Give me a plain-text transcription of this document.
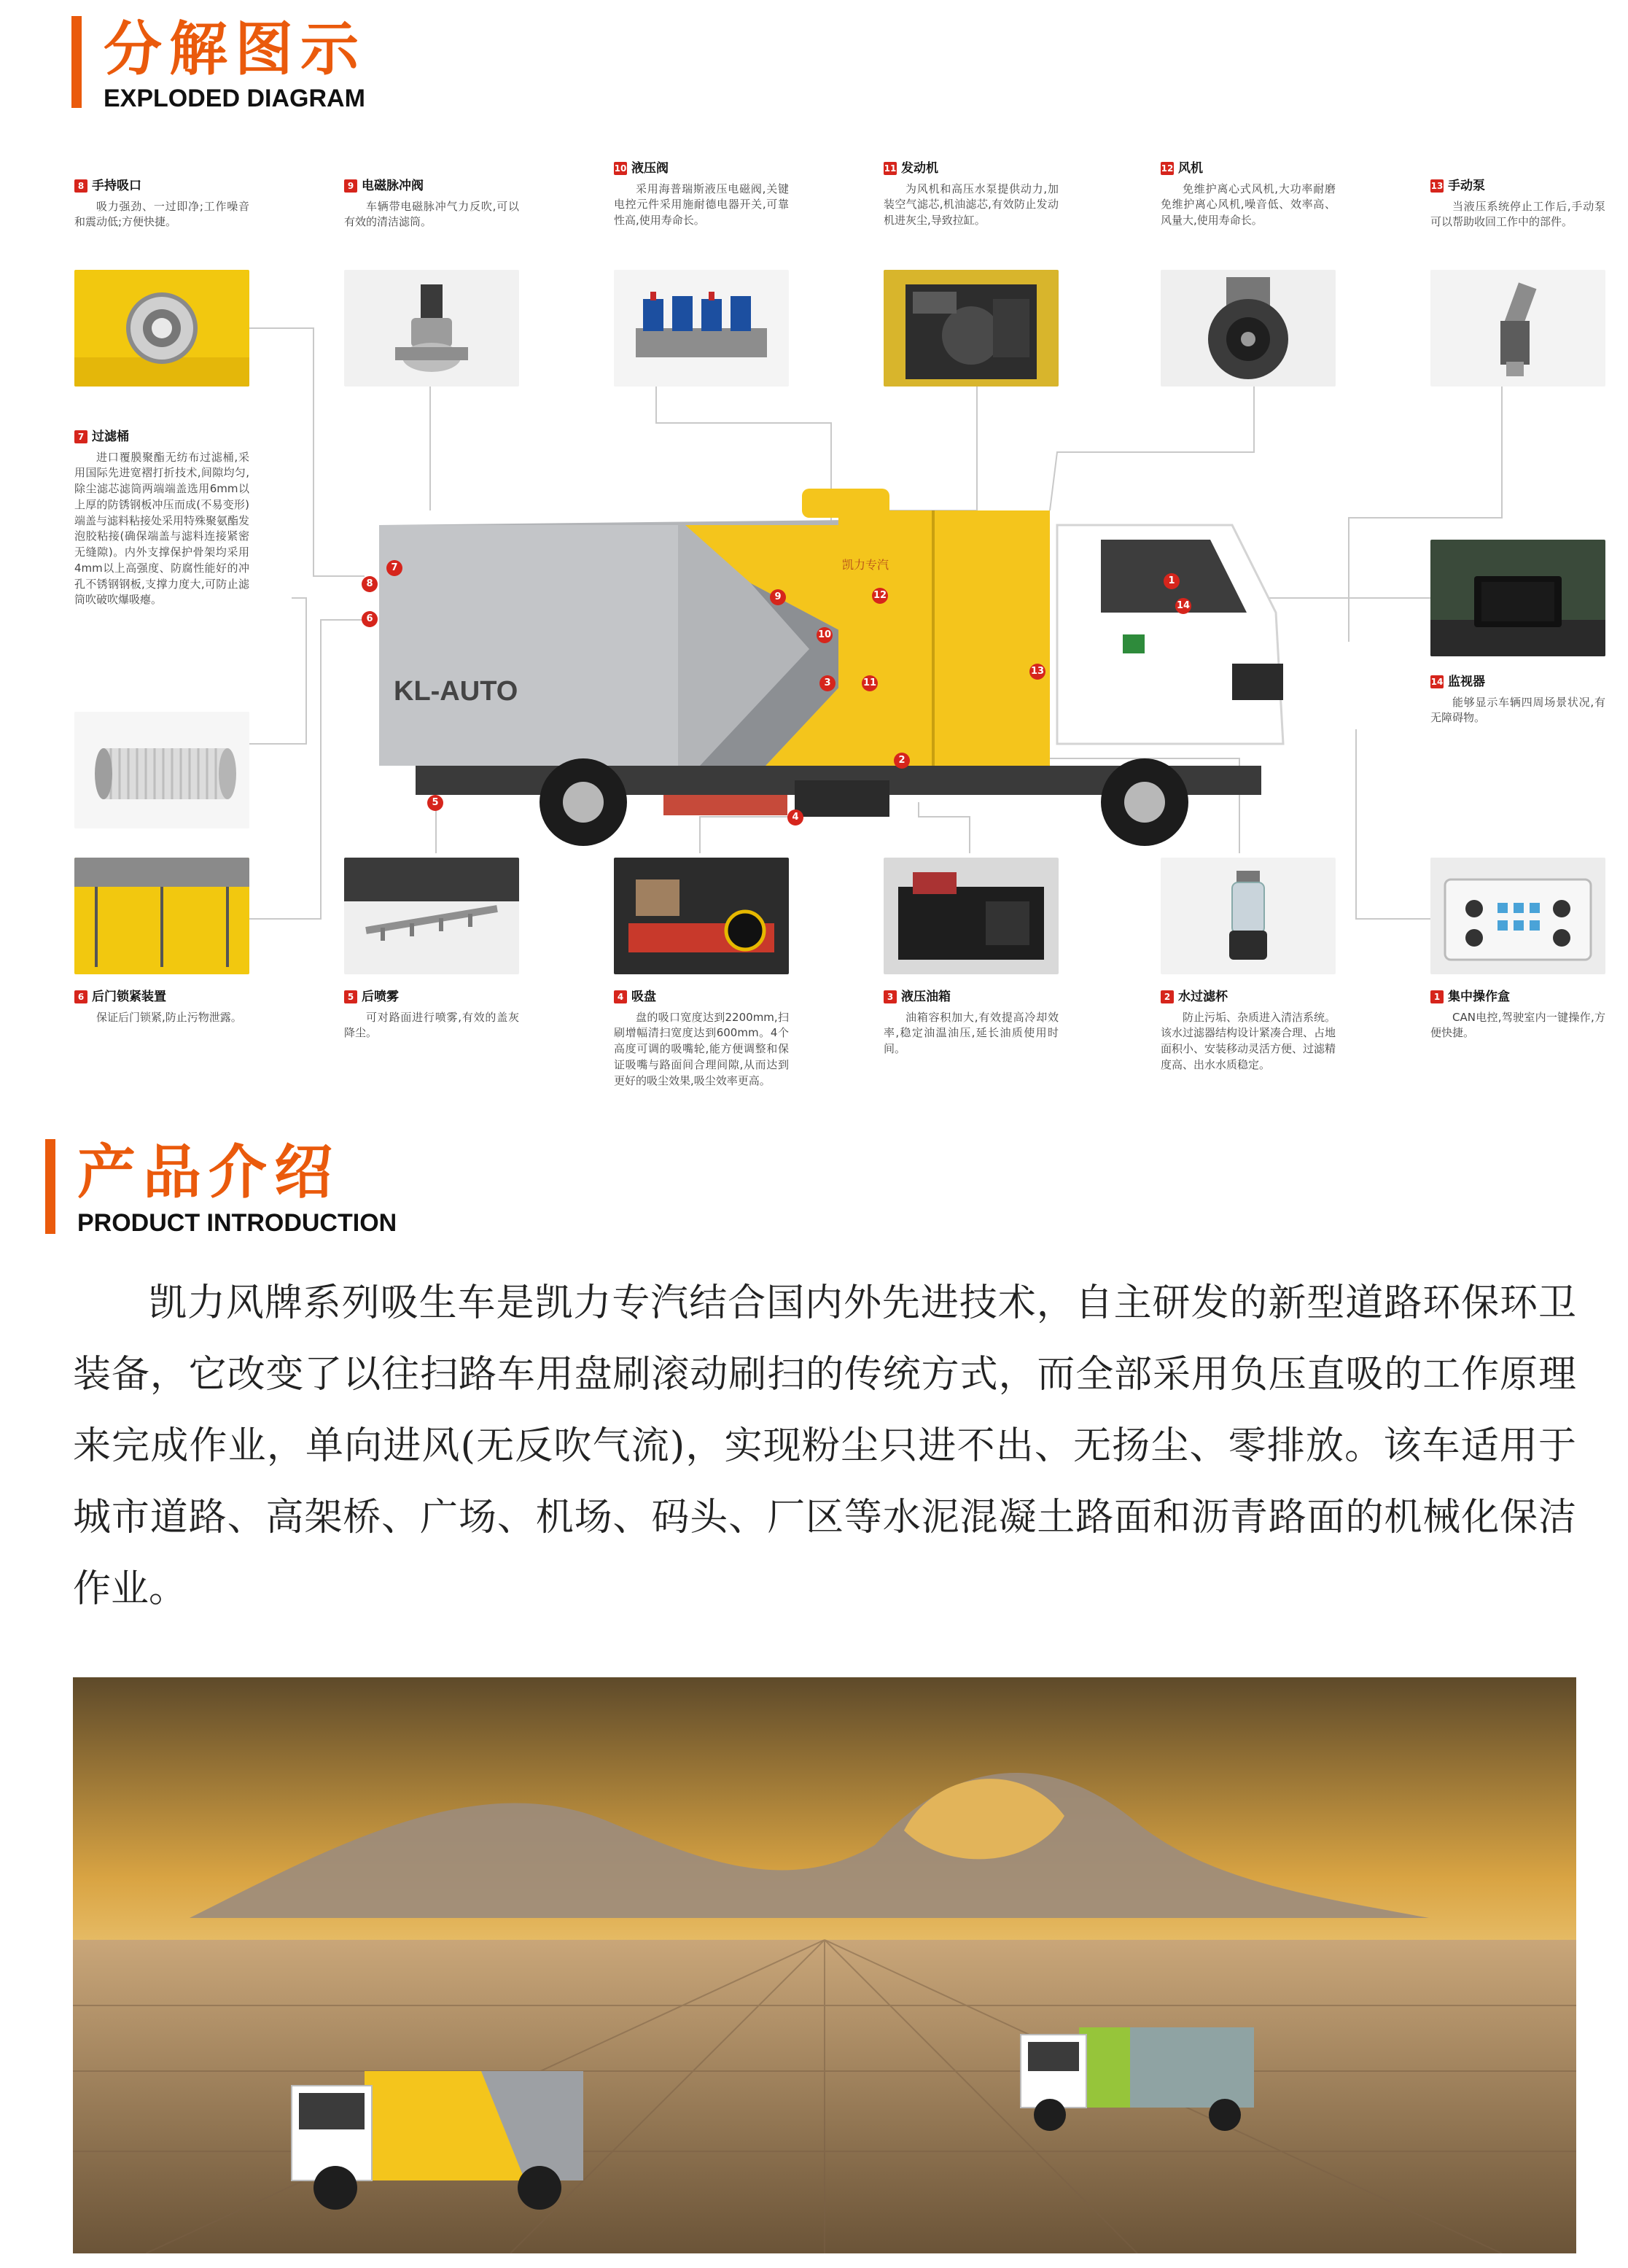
分解图示
EXPLODED DIAGRAM
8 手持吸口
吸力强劲、一过即净;工作噪音和震动低;方便快捷。
9 电磁脉冲阀
车辆带电磁脉冲气力反吹,可以有效的清洁滤筒。
10 液压阀
采用海普瑞斯液压电磁阀,关键电控元件采用施耐德电器开关,可靠性高,使用寿命长。
11 发动机
为风机和高压水泵提供动力,加装空气滤芯,机油滤芯,有效防止发动机进灰尘,导致拉缸。
12 风机
免维护离心式风机,大功率耐磨免维护离心风机,噪音低、效率高、风量大,使用寿命长。
13 手动泵
当液压系统停止工作后,手动泵可以帮助收回工作中的部件。
7 过滤桶
进口覆膜聚酯无纺布过滤桶,采用国际先进宽褶打折技术,间隙均匀,除尘滤芯滤筒两端端盖选用6mm以上厚的防锈钢板冲压而成(不易变形)端盖与滤料粘接处采用特殊聚氨酯发泡胶粘接(确保端盖与滤料连接紧密无缝隙)。内外支撑保护骨架均采用4mm以上高强度、防腐性能好的冲孔不锈钢钢板,支撑力度大,可防止滤筒吹破吹爆吸瘪。
14 监视器
能够显示车辆四周场景状况,有无障碍物。
KL-AUTO
凯力专汽
7
8
6
9	12
10
3	11
1
14
13
2
4
5
6 后门锁紧装置
保证后门锁紧,防止污物泄露。
5 后喷雾
可对路面进行喷雾,有效的盖灰降尘。
4 吸盘
盘的吸口宽度达到2200mm,扫刷增幅清扫宽度达到600mm。4个高度可调的吸嘴轮,能方便调整和保证吸嘴与路面间合理间隙,从而达到更好的吸尘效果,吸尘效率更高。
3 液压油箱
油箱容积加大,有效提高冷却效率,稳定油温油压,延长油质使用时间。
2 水过滤杯
防止污垢、杂质进入清洁系统。该水过滤器结构设计紧凑合理、占地面积小、安装移动灵活方便、过滤精度高、出水水质稳定。
1 集中操作盒
CAN电控,驾驶室内一键操作,方便快捷。
产品介绍
PRODUCT INTRODUCTION

凯力风牌系列吸生车是凯力专汽结合国内外先进技术，自主研发的新型道路环保环卫装备，它改变了以往扫路车用盘刷滚动刷扫的传统方式，而全部采用负压直吸的工作原理来完成作业，单向进风(无反吹气流)，实现粉尘只进不出、无扬尘、零排放。该车适用于城市道路、高架桥、广场、机场、码头、厂区等水泥混凝土路面和沥青路面的机械化保洁作业。
